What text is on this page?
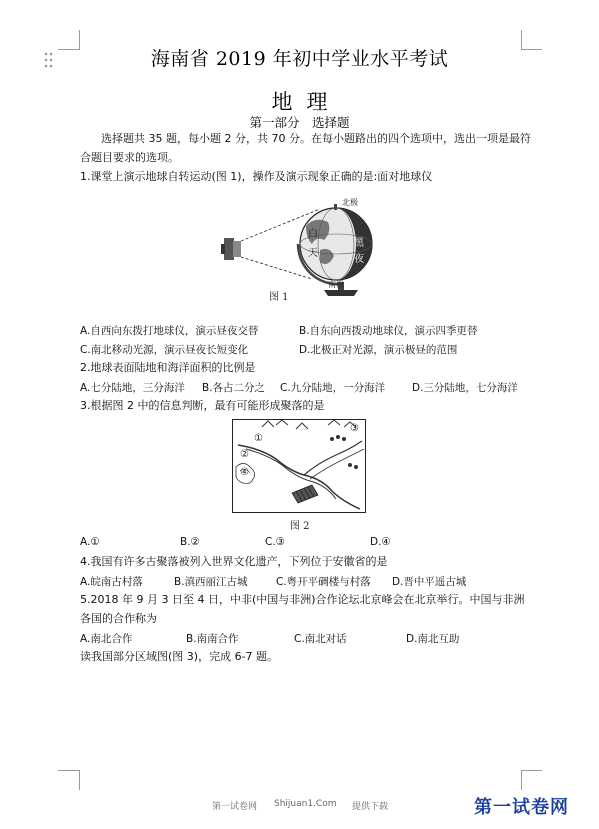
海南省 2019 年初中学业水平考试
地理
第一部分　选择题
选择题共 35 题，每小题 2 分，共 70 分。在每小题路出的四个选项中，选出一项是最符
合题目要求的选项。
1.课堂上演示地球自转运动(图 1)，操作及演示现象正确的是:面对地球仪
北极
南极
白
天
黑
夜
图 1
A.自西向东拨打地球仪，演示昼夜交替	B.自东向西拨动地球仪，演示四季更替
C.南北移动光源，演示昼夜长短变化	D.北极正对光源，演示极昼的范围
2.地球表面陆地和海洋面积的比例是
A.七分陆地，三分海洋 B.各占二分之 C.九分陆地，一分海洋	D.三分陆地，七分海洋
3.根据图 2 中的信息判断，最有可能形成聚落的是
①
②
③
④
图 2
A.①	B.②	C.③	D.④
4.我国有许多古聚落被列入世界文化遗产，下列位于安徽省的是
A.皖南古村落	B.滇西丽江古城	C.粤开平碉楼与村落 D.晋中平遥古城
5.2018 年 9 月 3 日至 4 日，中非(中国与非洲)合作论坛北京峰会在北京举行。中国与非洲
各国的合作称为
A.南北合作	B.南南合作	C.南北对话	D.南北互助
读我国部分区域图(图 3)，完成 6-7 题。
第一试卷网 Shijuan1.Com 提供下载	第一试卷网
